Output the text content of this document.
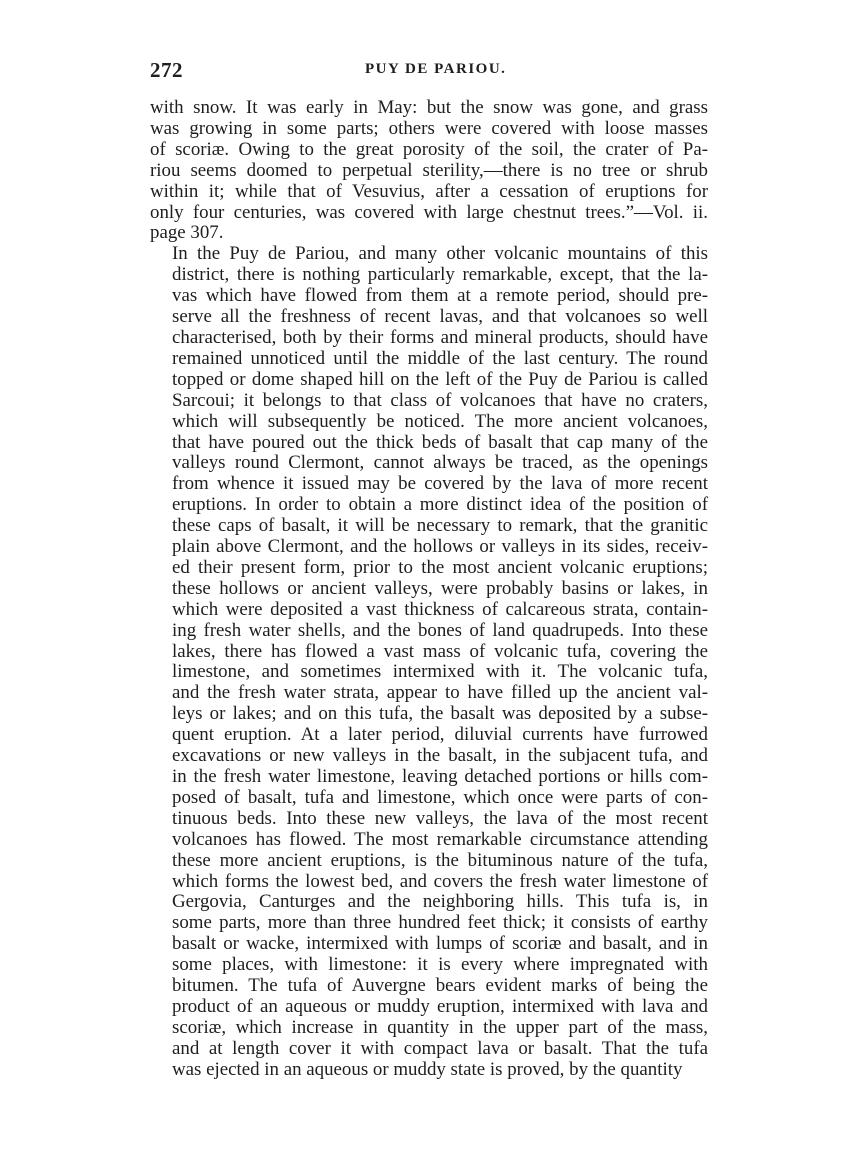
272	PUY DE PARIOU.
with snow. It was early in May: but the snow was gone, and grass
was growing in some parts; others were covered with loose masses
of scoriæ. Owing to the great porosity of the soil, the crater of Pa-
riou seems doomed to perpetual sterility,—there is no tree or shrub
within it; while that of Vesuvius, after a cessation of eruptions for
only four centuries, was covered with large chestnut trees.”—Vol. ii.
page 307.
In the Puy de Pariou, and many other volcanic mountains of this
district, there is nothing particularly remarkable, except, that the la-
vas which have flowed from them at a remote period, should pre-
serve all the freshness of recent lavas, and that volcanoes so well
characterised, both by their forms and mineral products, should have
remained unnoticed until the middle of the last century. The round
topped or dome shaped hill on the left of the Puy de Pariou is called
Sarcoui; it belongs to that class of volcanoes that have no craters,
which will subsequently be noticed. The more ancient volcanoes,
that have poured out the thick beds of basalt that cap many of the
valleys round Clermont, cannot always be traced, as the openings
from whence it issued may be covered by the lava of more recent
eruptions. In order to obtain a more distinct idea of the position of
these caps of basalt, it will be necessary to remark, that the granitic
plain above Clermont, and the hollows or valleys in its sides, receiv-
ed their present form, prior to the most ancient volcanic eruptions;
these hollows or ancient valleys, were probably basins or lakes, in
which were deposited a vast thickness of calcareous strata, contain-
ing fresh water shells, and the bones of land quadrupeds. Into these
lakes, there has flowed a vast mass of volcanic tufa, covering the
limestone, and sometimes intermixed with it. The volcanic tufa,
and the fresh water strata, appear to have filled up the ancient val-
leys or lakes; and on this tufa, the basalt was deposited by a subse-
quent eruption. At a later period, diluvial currents have furrowed
excavations or new valleys in the basalt, in the subjacent tufa, and
in the fresh water limestone, leaving detached portions or hills com-
posed of basalt, tufa and limestone, which once were parts of con-
tinuous beds. Into these new valleys, the lava of the most recent
volcanoes has flowed. The most remarkable circumstance attending
these more ancient eruptions, is the bituminous nature of the tufa,
which forms the lowest bed, and covers the fresh water limestone of
Gergovia, Canturges and the neighboring hills. This tufa is, in
some parts, more than three hundred feet thick; it consists of earthy
basalt or wacke, intermixed with lumps of scoriæ and basalt, and in
some places, with limestone: it is every where impregnated with
bitumen. The tufa of Auvergne bears evident marks of being the
product of an aqueous or muddy eruption, intermixed with lava and
scoriæ, which increase in quantity in the upper part of the mass,
and at length cover it with compact lava or basalt. That the tufa
was ejected in an aqueous or muddy state is proved, by the quantity
